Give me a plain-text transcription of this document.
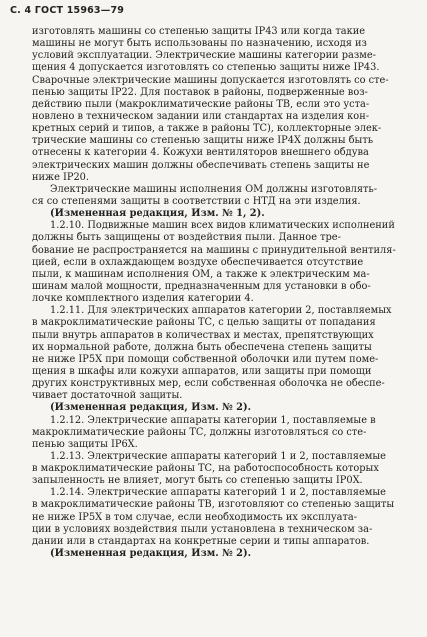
С. 4 ГОСТ 15963—79
изготовлять машины со степенью защиты IP43 или когда такие
машины не могут быть использованы по назначению, исходя из
условий эксплуатации. Электрические машины категории разме-
щения 4 допускается изготовлять со степенью защиты ниже IP43.
Сварочные электрические машины допускается изготовлять со сте-
пенью защиты IP22. Для поставок в районы, подверженные воз-
действию пыли (макроклиматические районы ТВ, если это уста-
новлено в техническом задании или стандартах на изделия кон-
кретных серий и типов, а также в районы ТС), коллекторные элек-
трические машины со степенью защиты ниже IP4X должны быть
отнесены к категории 4. Кожухи вентиляторов внешнего обдува
электрических машин должны обеспечивать степень защиты не
ниже IP20.
Электрические машины исполнения ОМ должны изготовлять-
ся со степенями защиты в соответствии с НТД на эти изделия.
(Измененная редакция, Изм. № 1, 2).
1.2.10. Подвижные машин всех видов климатических исполнений
должны быть защищены от воздействия пыли. Данное тре-
бование не распространяется на машины с принудительной вентиля-
цией, если в охлаждающем воздухе обеспечивается отсутствие
пыли, к машинам исполнения ОМ, а также к электрическим ма-
шинам малой мощности, предназначенным для установки в обо-
лочке комплектного изделия категории 4.
1.2.11. Для электрических аппаратов категории 2, поставляемых
в макроклиматические районы ТС, с целью защиты от попадания
пыли внутрь аппаратов в количествах и местах, препятствующих
их нормальной работе, должна быть обеспечена степень защиты
не ниже IP5X при помощи собственной оболочки или путем поме-
щения в шкафы или кожухи аппаратов, или защиты при помощи
других конструктивных мер, если собственная оболочка не обеспе-
чивает достаточной защиты.
(Измененная редакция, Изм. № 2).
1.2.12. Электрические аппараты категории 1, поставляемые в
макроклиматические районы ТС, должны изготовляться со сте-
пенью защиты IP6X.
1.2.13. Электрические аппараты категорий 1 и 2, поставляемые
в макроклиматические районы ТС, на работоспособность которых
запыленность не влияет, могут быть со степенью защиты IP0X.
1.2.14. Электрические аппараты категорий 1 и 2, поставляемые
в макроклиматические районы ТВ, изготовляют со степенью защиты
не ниже IP5X в том случае, если необходимость их эксплуата-
ции в условиях воздействия пыли установлена в техническом за-
дании или в стандартах на конкретные серии и типы аппаратов.
(Измененная редакция, Изм. № 2).
